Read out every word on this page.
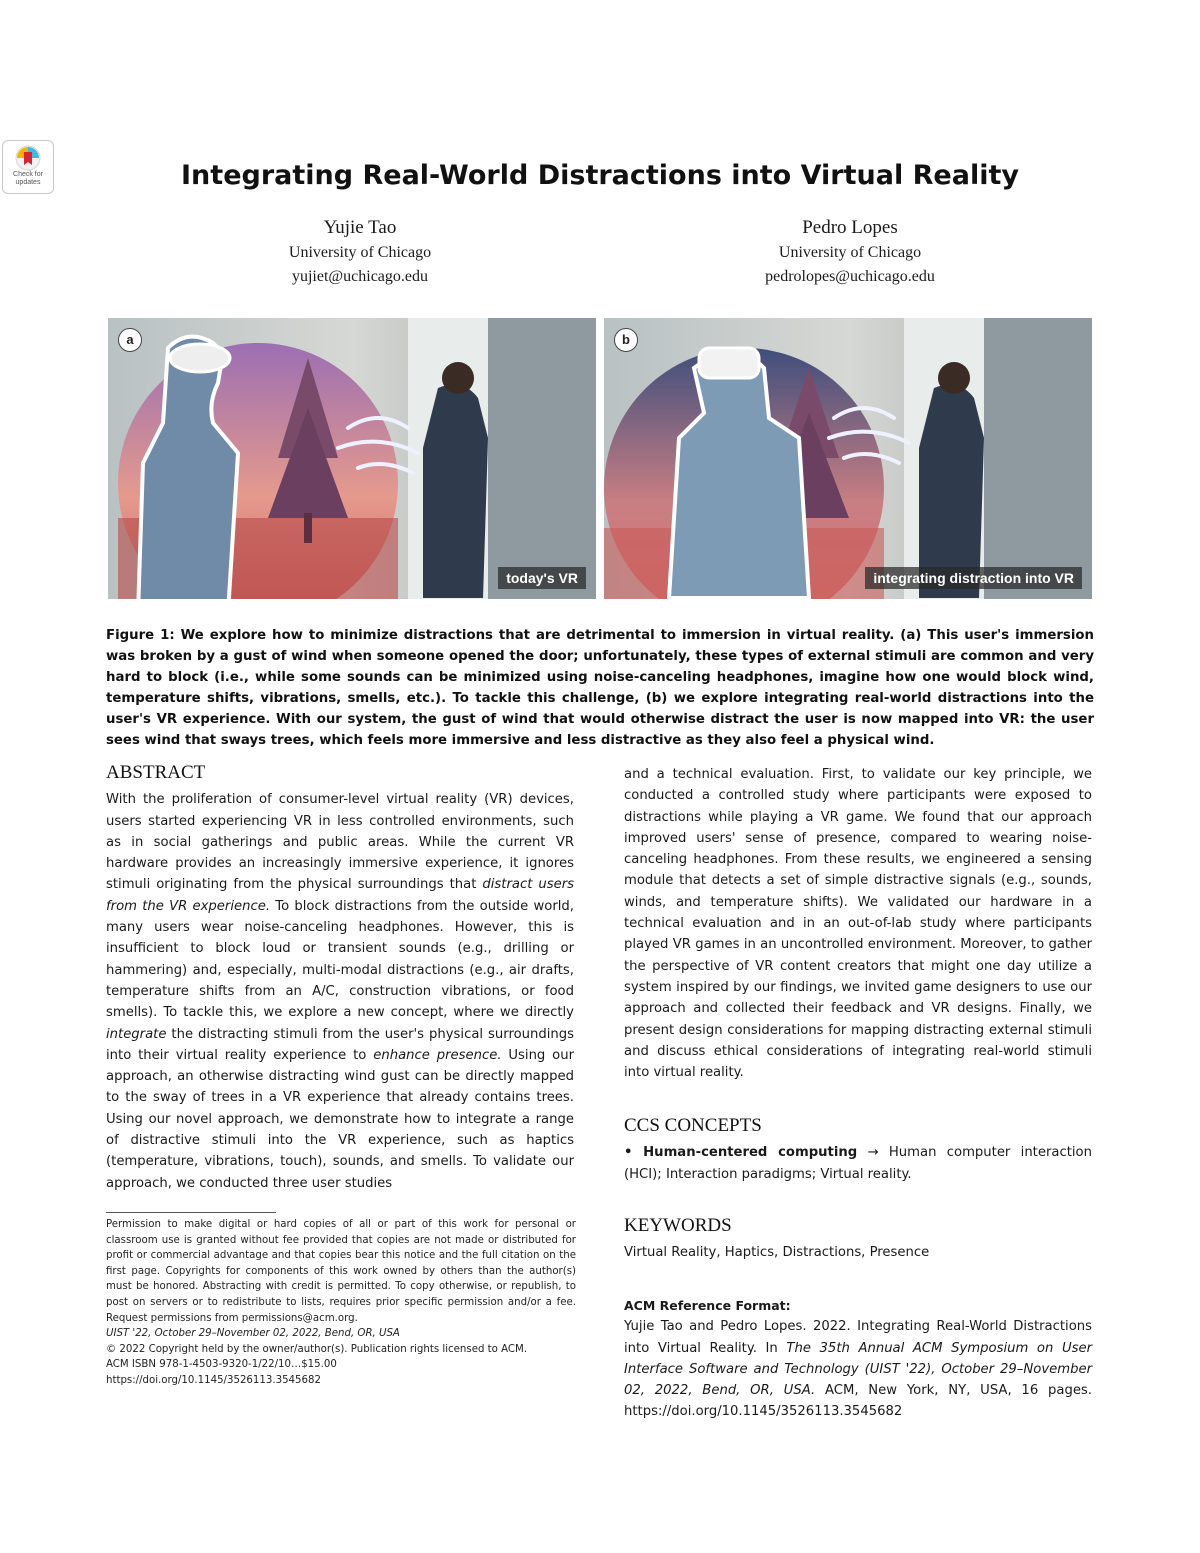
Check for updates	Integrating Real-World Distractions into Virtual Reality
Yujie Tao
University of Chicago
yujiet@uchicago.edu
Pedro Lopes
University of Chicago
pedrolopes@uchicago.edu
a
today's VR
b
integrating distraction into VR
Figure 1: We explore how to minimize distractions that are detrimental to immersion in virtual reality. (a) This user's immersion was broken by a gust of wind when someone opened the door; unfortunately, these types of external stimuli are common and very hard to block (i.e., while some sounds can be minimized using noise-canceling headphones, imagine how one would block wind, temperature shifts, vibrations, smells, etc.). To tackle this challenge, (b) we explore integrating real-world distractions into the user's VR experience. With our system, the gust of wind that would otherwise distract the user is now mapped into VR: the user sees wind that sways trees, which feels more immersive and less distractive as they also feel a physical wind.
ABSTRACT
With the proliferation of consumer-level virtual reality (VR) devices, users started experiencing VR in less controlled environments, such as in social gatherings and public areas. While the current VR hardware provides an increasingly immersive experience, it ignores stimuli originating from the physical surroundings that distract users from the VR experience. To block distractions from the outside world, many users wear noise-canceling headphones. However, this is insufficient to block loud or transient sounds (e.g., drilling or hammering) and, especially, multi-modal distractions (e.g., air drafts, temperature shifts from an A/C, construction vibrations, or food smells). To tackle this, we explore a new concept, where we directly integrate the distracting stimuli from the user's physical surroundings into their virtual reality experience to enhance presence. Using our approach, an otherwise distracting wind gust can be directly mapped to the sway of trees in a VR experience that already contains trees. Using our novel approach, we demonstrate how to integrate a range of distractive stimuli into the VR experience, such as haptics (temperature, vibrations, touch), sounds, and smells. To validate our approach, we conducted three user studies
Permission to make digital or hard copies of all or part of this work for personal or classroom use is granted without fee provided that copies are not made or distributed for profit or commercial advantage and that copies bear this notice and the full citation on the first page. Copyrights for components of this work owned by others than the author(s) must be honored. Abstracting with credit is permitted. To copy otherwise, or republish, to post on servers or to redistribute to lists, requires prior specific permission and/or a fee. Request permissions from permissions@acm.org.
UIST '22, October 29–November 02, 2022, Bend, OR, USA
© 2022 Copyright held by the owner/author(s). Publication rights licensed to ACM.
ACM ISBN 978-1-4503-9320-1/22/10…$15.00
https://doi.org/10.1145/3526113.3545682
and a technical evaluation. First, to validate our key principle, we conducted a controlled study where participants were exposed to distractions while playing a VR game. We found that our approach improved users' sense of presence, compared to wearing noise-canceling headphones. From these results, we engineered a sensing module that detects a set of simple distractive signals (e.g., sounds, winds, and temperature shifts). We validated our hardware in a technical evaluation and in an out-of-lab study where participants played VR games in an uncontrolled environment. Moreover, to gather the perspective of VR content creators that might one day utilize a system inspired by our findings, we invited game designers to use our approach and collected their feedback and VR designs. Finally, we present design considerations for mapping distracting external stimuli and discuss ethical considerations of integrating real-world stimuli into virtual reality.
CCS CONCEPTS
• Human-centered computing → Human computer interaction (HCI); Interaction paradigms; Virtual reality.
KEYWORDS
Virtual Reality, Haptics, Distractions, Presence
ACM Reference Format:
Yujie Tao and Pedro Lopes. 2022. Integrating Real-World Distractions into Virtual Reality. In The 35th Annual ACM Symposium on User Interface Software and Technology (UIST '22), October 29–November 02, 2022, Bend, OR, USA. ACM, New York, NY, USA, 16 pages. https://doi.org/10.1145/3526113.3545682
